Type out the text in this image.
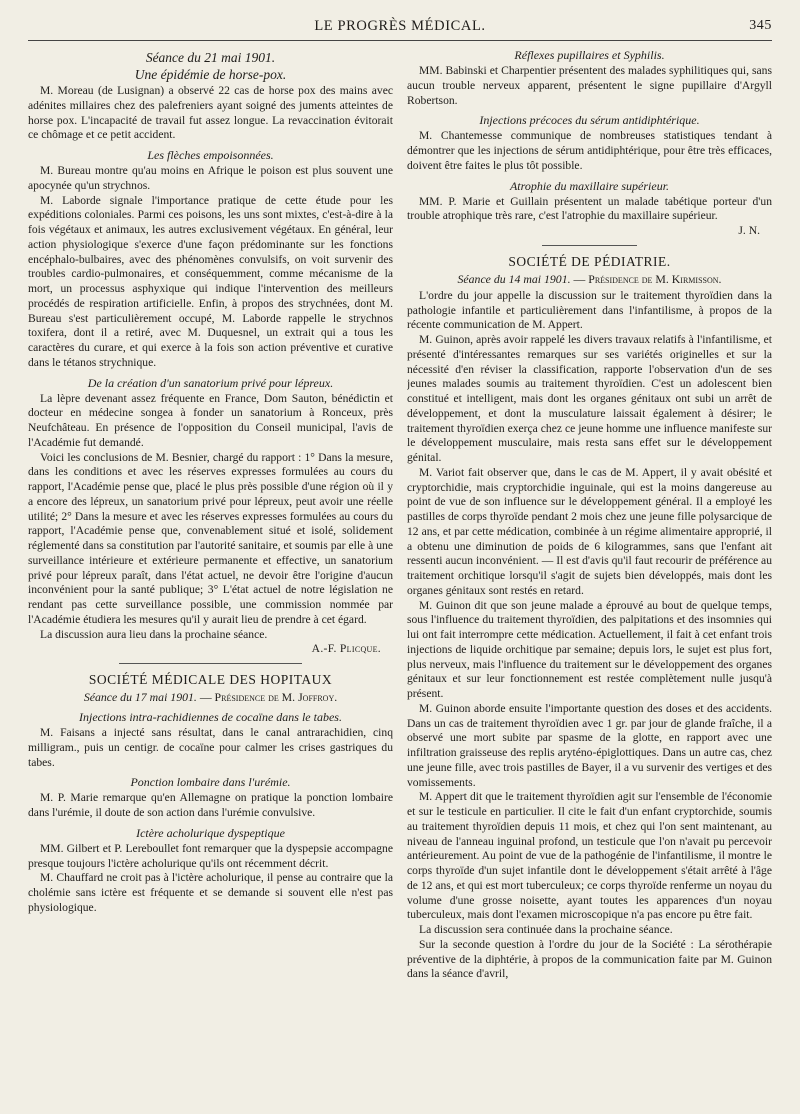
LE PROGRÈS MÉDICAL.	345
Séance du 21 mai 1901.
Une épidémie de horse-pox.

M. Moreau (de Lusignan) a observé 22 cas de horse pox des mains avec adénites millaires chez des palefreniers ayant soigné des juments atteintes de horse pox. L'incapacité de travail fut assez longue. La revaccination évitorait ce chômage et ce petit accident.

Les flèches empoisonnées.

M. Bureau montre qu'au moins en Afrique le poison est plus souvent une apocynée qu'un strychnos.

M. Laborde signale l'importance pratique de cette étude pour les expéditions coloniales. Parmi ces poisons, les uns sont mixtes, c'est-à-dire à la fois végétaux et animaux, les autres exclusivement végétaux. En général, leur action physiologique s'exerce d'une façon prédominante sur les fonctions encéphalo-bulbaires, avec des phénomènes convulsifs, on voit survenir des troubles cardio-pulmonaires, et conséquemment, comme mécanisme de la mort, un processus asphyxique qui indique l'intervention des meilleurs procédés de respiration artificielle. Enfin, à propos des strychnées, dont M. Bureau s'est particulièrement occupé, M. Laborde rappelle le strychnos toxifera, dont il a retiré, avec M. Duquesnel, un extrait qui a tous les caractères du curare, et qui exerce à la fois son action préventive et curative dans le tétanos strychnique.

De la création d'un sanatorium privé pour lépreux.

La lèpre devenant assez fréquente en France, Dom Sauton, bénédictin et docteur en médecine songea à fonder un sanatorium à Ronceux, près Neufchâteau. En présence de l'opposition du Conseil municipal, l'avis de l'Académie fut demandé.

Voici les conclusions de M. Besnier, chargé du rapport : 1° Dans la mesure, dans les conditions et avec les réserves expresses formulées au cours du rapport, l'Académie pense que, placé le plus près possible d'une région où il y a encore des lépreux, un sanatorium privé pour lépreux, peut avoir une réelle utilité; 2° Dans la mesure et avec les réserves expresses formulées au cours du rapport, l'Académie pense que, convenablement situé et isolé, solidement réglementé dans sa constitution par l'autorité sanitaire, et soumis par elle à une surveillance intérieure et extérieure permanente et effective, un sanatorium privé pour lépreux paraît, dans l'état actuel, ne devoir être l'origine d'aucun inconvénient pour la santé publique; 3° L'état actuel de notre législation ne rendant pas cette surveillance possible, une commission nommée par l'Académie étudiera les mesures qu'il y aurait lieu de prendre à cet égard.

La discussion aura lieu dans la prochaine séance.

A.-F. Plicque.
SOCIÉTÉ MÉDICALE DES HOPITAUX
Séance du 17 mai 1901. — Présidence de M. Joffroy.
Injections intra-rachidiennes de cocaïne dans le tabes.

M. Faisans a injecté sans résultat, dans le canal antrarachidien, cinq milligram., puis un centigr. de cocaïne pour calmer les crises gastriques du tabes.

Ponction lombaire dans l'urémie.

M. P. Marie remarque qu'en Allemagne on pratique la ponction lombaire dans l'urémie, il doute de son action dans l'urémie convulsive.

Ictère acholurique dyspeptique

MM. Gilbert et P. Lereboullet font remarquer que la dyspepsie accompagne presque toujours l'ictère acholurique qu'ils ont récemment décrit.

M. Chauffard ne croit pas à l'ictère acholurique, il pense au contraire que la cholémie sans ictère est fréquente et se demande si souvent elle n'est pas physiologique.

Réflexes pupillaires et Syphilis.

MM. Babinski et Charpentier présentent des malades syphilitiques qui, sans aucun trouble nerveux apparent, présentent le signe pupillaire d'Argyll Robertson.

Injections précoces du sérum antidiphtérique.

M. Chantemesse communique de nombreuses statistiques tendant à démontrer que les injections de sérum antidiphtérique, pour être très efficaces, doivent être faites le plus tôt possible.

Atrophie du maxillaire supérieur.

MM. P. Marie et Guillain présentent un malade tabétique porteur d'un trouble atrophique très rare, c'est l'atrophie du maxillaire supérieur.

J. N.
SOCIÉTÉ DE PÉDIATRIE.
Séance du 14 mai 1901. — Présidence de M. Kirmisson.

L'ordre du jour appelle la discussion sur le traitement thyroïdien dans la pathologie infantile et particulièrement dans l'infantilisme, à propos de la récente communication de M. Appert.

M. Guinon, après avoir rappelé les divers travaux relatifs à l'infantilisme, et présenté d'intéressantes remarques sur ses variétés originelles et sur la nécessité d'en réviser la classification, rapporte l'observation d'un de ses jeunes malades soumis au traitement thyroïdien. C'est un adolescent bien constitué et intelligent, mais dont les organes génitaux ont subi un arrêt de développement, et dont la musculature laissait également à désirer; le traitement thyroïdien exerça chez ce jeune homme une influence manifeste sur le développement musculaire, mais resta sans effet sur le développement génital.

M. Variot fait observer que, dans le cas de M. Appert, il y avait obésité et cryptorchidie, mais cryptorchidie inguinale, qui est la moins dangereuse au point de vue de son influence sur le développement général. Il a employé les pastilles de corps thyroïde pendant 2 mois chez une jeune fille polysarcique de 12 ans, et par cette médication, combinée à un régime alimentaire approprié, il a obtenu une diminution de poids de 6 kilogrammes, sans que l'enfant ait ressenti aucun inconvénient. — Il est d'avis qu'il faut recourir de préférence au traitement orchitique lorsqu'il s'agit de sujets bien développés, mais dont les organes génitaux sont restés en retard.

M. Guinon dit que son jeune malade a éprouvé au bout de quelque temps, sous l'influence du traitement thyroïdien, des palpitations et des insomnies qui lui ont fait interrompre cette médication. Actuellement, il fait à cet enfant trois injections de liquide orchitique par semaine; depuis lors, le sujet est plus fort, plus nerveux, mais l'influence du traitement sur le développement des organes génitaux et sur leur fonctionnement est restée complètement nulle jusqu'à présent.

M. Guinon aborde ensuite l'importante question des doses et des accidents. Dans un cas de traitement thyroïdien avec 1 gr. par jour de glande fraîche, il a observé une mort subite par spasme de la glotte, en rapport avec une infiltration graisseuse des replis aryténo-épiglottiques. Dans un autre cas, chez une jeune fille, avec trois pastilles de Bayer, il a vu survenir des vertiges et des vomissements.

M. Appert dit que le traitement thyroïdien agit sur l'ensemble de l'économie et sur le testicule en particulier. Il cite le fait d'un enfant cryptorchide, soumis au traitement thyroïdien depuis 11 mois, et chez qui l'on sent maintenant, au niveau de l'anneau inguinal profond, un testicule que l'on n'avait pu percevoir antérieurement. Au point de vue de la pathogénie de l'infantilisme, il montre le corps thyroïde d'un sujet infantile dont le développement s'était arrêté à l'âge de 12 ans, et qui est mort tuberculeux; ce corps thyroïde renferme un noyau du volume d'une grosse noisette, ayant toutes les apparences d'un noyau tuberculeux, mais dont l'examen microscopique n'a pas encore pu être fait.

La discussion sera continuée dans la prochaine séance.

Sur la seconde question à l'ordre du jour de la Société : La sérothérapie préventive de la diphtérie, à propos de la communication faite par M. Guinon dans la séance d'avril,
